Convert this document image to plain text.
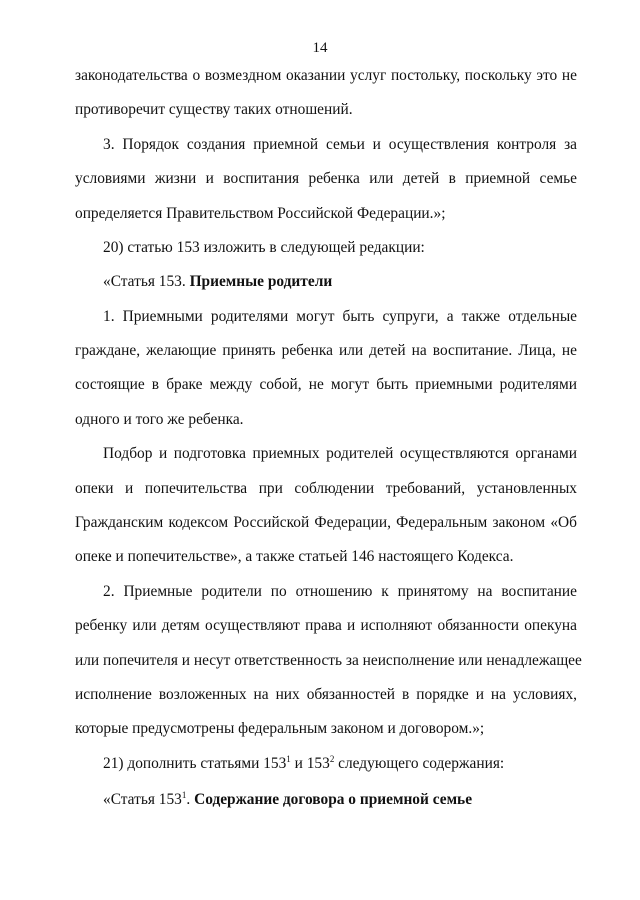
14
законодательства о возмездном оказании услуг постольку, поскольку это не
противоречит существу таких отношений.
3. Порядок создания приемной семьи и осуществления контроля за
условиями жизни и воспитания ребенка или детей в приемной семье
определяется Правительством Российской Федерации.»;
20) статью 153 изложить в следующей редакции:
«Статья 153. Приемные родители
1. Приемными родителями могут быть супруги, а также отдельные
граждане, желающие принять ребенка или детей на воспитание. Лица, не
состоящие в браке между собой, не могут быть приемными родителями
одного и того же ребенка.
Подбор и подготовка приемных родителей осуществляются органами
опеки и попечительства при соблюдении требований, установленных
Гражданским кодексом Российской Федерации, Федеральным законом «Об
опеке и попечительстве», а также статьей 146 настоящего Кодекса.
2. Приемные родители по отношению к принятому на воспитание
ребенку или детям осуществляют права и исполняют обязанности опекуна
или попечителя и несут ответственность за неисполнение или ненадлежащее
исполнение возложенных на них обязанностей в порядке и на условиях,
которые предусмотрены федеральным законом и договором.»;
21) дополнить статьями $153^1$ и $153^2$ следующего содержания:
«Статья $153^1$. Содержание договора о приемной семье
